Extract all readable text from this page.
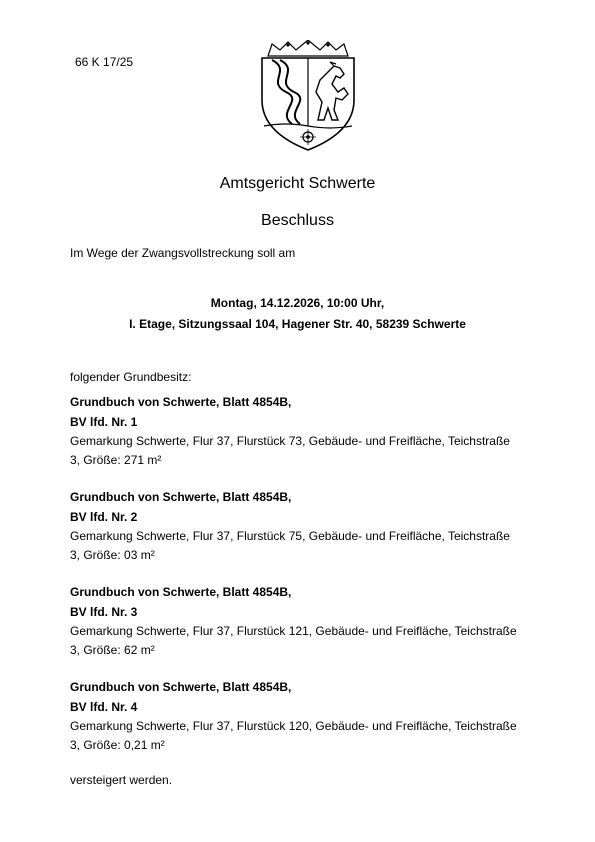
66 K 17/25
Amtsgericht Schwerte
Beschluss
Im Wege der Zwangsvollstreckung soll am
Montag, 14.12.2026, 10:00 Uhr,
I. Etage, Sitzungssaal 104, Hagener Str. 40, 58239 Schwerte
folgender Grundbesitz:
Grundbuch von Schwerte, Blatt 4854B,
BV lfd. Nr. 1
Gemarkung Schwerte, Flur 37, Flurstück 73, Gebäude- und Freifläche, Teichstraße
3, Größe: 271 m²
Grundbuch von Schwerte, Blatt 4854B,
BV lfd. Nr. 2
Gemarkung Schwerte, Flur 37, Flurstück 75, Gebäude- und Freifläche, Teichstraße
3, Größe: 03 m²
Grundbuch von Schwerte, Blatt 4854B,
BV lfd. Nr. 3
Gemarkung Schwerte, Flur 37, Flurstück 121, Gebäude- und Freifläche, Teichstraße
3, Größe: 62 m²
Grundbuch von Schwerte, Blatt 4854B,
BV lfd. Nr. 4
Gemarkung Schwerte, Flur 37, Flurstück 120, Gebäude- und Freifläche, Teichstraße
3, Größe: 0,21 m²
versteigert werden.
